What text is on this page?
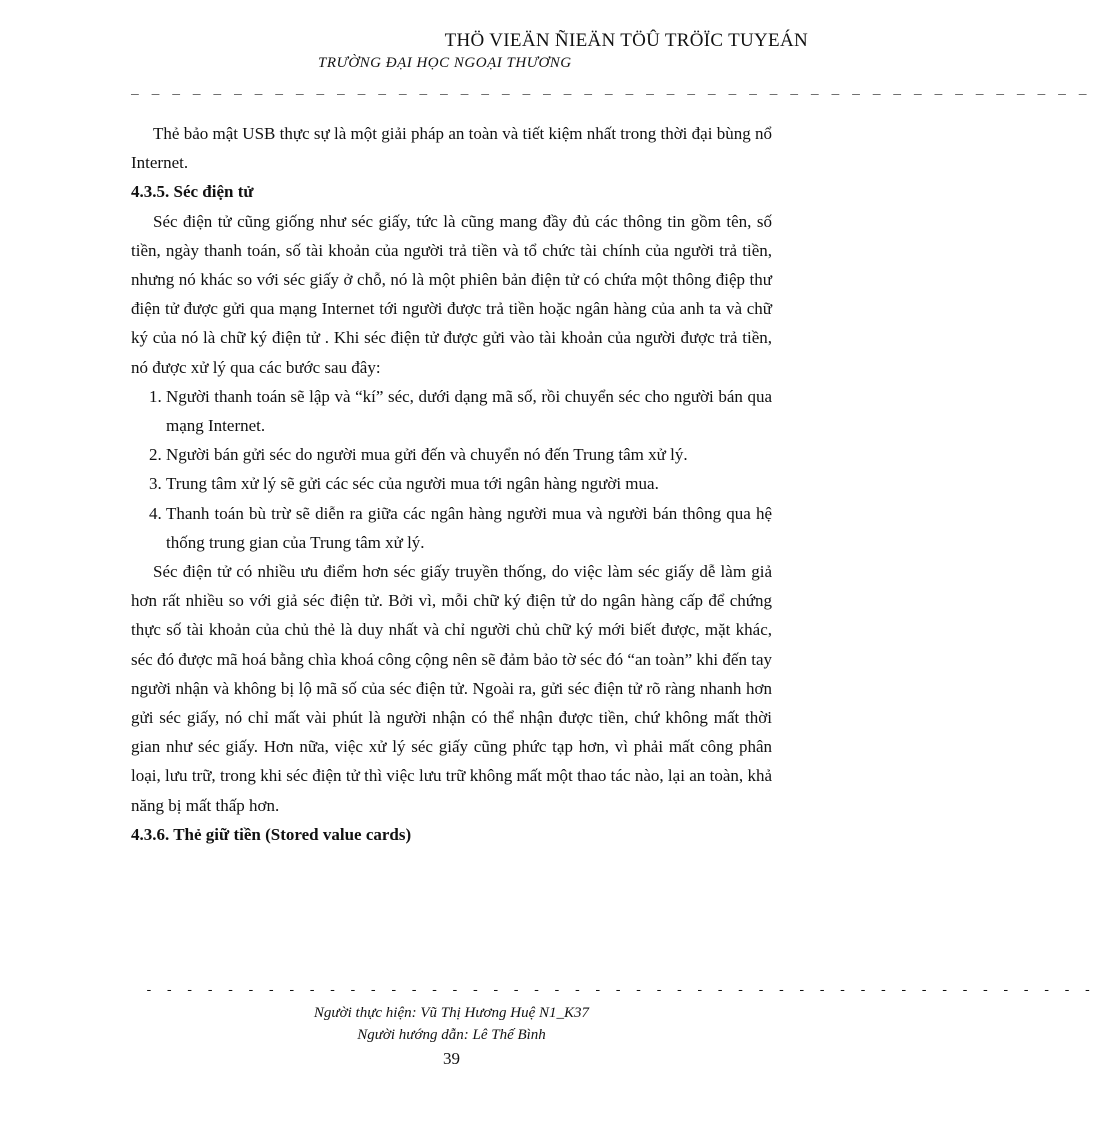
THÖ VIEÄN ÑIEÄN TÖÛ TRÖÏC TUYEÁN
TRƯỜNG ĐẠI HỌC NGOẠI THƯƠNG
_ _ _ _ _ _ _ _ _ _ _ _ _ _ _ _ _ _ _ _ _ _ _ _ _ _ _ _ _ _ _ _ _ _ _ _ _ _ _ _ _ _ _ _ _ _ _

Thẻ bảo mật USB thực sự là một giải pháp an toàn và tiết kiệm nhất trong thời đại bùng nổ Internet.

4.3.5. Séc điện tử

Séc điện tử cũng giống như séc giấy, tức là cũng mang đầy đủ các thông tin gồm tên, số tiền, ngày thanh toán, số tài khoản của người trả tiền và tổ chức tài chính của người trả tiền, nhưng nó khác so với séc giấy ở chỗ, nó là một phiên bản điện tử có chứa một thông điệp thư điện tử được gửi qua mạng Internet tới người được trả tiền hoặc ngân hàng của anh ta và chữ ký của nó là chữ ký điện tử . Khi séc điện tử được gửi vào tài khoản của người được trả tiền, nó được xử lý qua các bước sau đây:

1. Người thanh toán sẽ lập và “kí” séc, dưới dạng mã số, rồi chuyển séc cho người bán qua mạng Internet.
2. Người bán gửi séc do người mua gửi đến và chuyển nó đến Trung tâm xử lý.
3. Trung tâm xử lý sẽ gửi các séc của người mua tới ngân hàng người mua.
4. Thanh toán bù trừ sẽ diễn ra giữa các ngân hàng người mua và người bán thông qua hệ thống trung gian của Trung tâm xử lý.

Séc điện tử có nhiều ưu điểm hơn séc giấy truyền thống, do việc làm séc giấy dễ làm giả hơn rất nhiều so với giả séc điện tử. Bởi vì, mỗi chữ ký điện tử do ngân hàng cấp để chứng thực số tài khoản của chủ thẻ là duy nhất và chỉ người chủ chữ ký mới biết được, mặt khác, séc đó được mã hoá bằng chìa khoá công cộng nên sẽ đảm bảo tờ séc đó “an toàn” khi đến tay người nhận và không bị lộ mã số của séc điện tử. Ngoài ra, gửi séc điện tử rõ ràng nhanh hơn gửi séc giấy, nó chỉ mất vài phút là người nhận có thể nhận được tiền, chứ không mất thời gian như séc giấy. Hơn nữa, việc xử lý séc giấy cũng phức tạp hơn, vì phải mất công phân loại, lưu trữ, trong khi séc điện tử thì việc lưu trữ không mất một thao tác nào, lại an toàn, khả năng bị mất thấp hơn.

4.3.6. Thẻ giữ tiền (Stored value cards)
- - - - - - - - - - - - - - - - - - - - - - - - - - - - - - - - - - - - - - - - - - - - - - -
Người thực hiện: Vũ Thị Hương Huệ N1_K37
Người hướng dẫn: Lê Thế Bình
39
